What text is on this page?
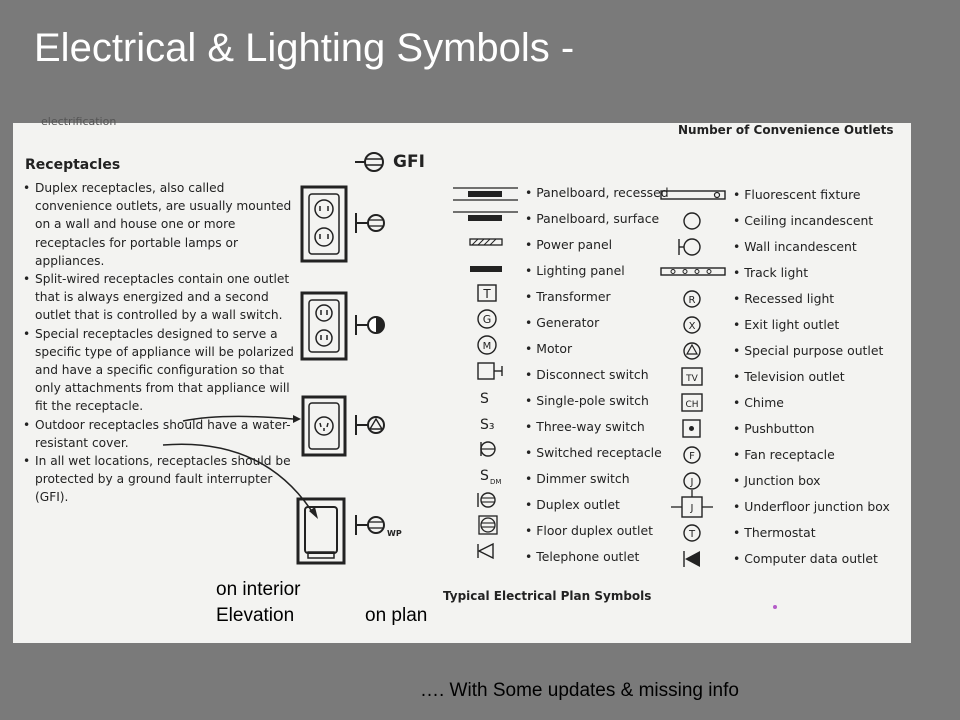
Electrical & Lighting Symbols -

electrification
Receptacles
• Duplex receptacles, also called convenience outlets, are usually mounted on a wall and house one or more receptacles for portable lamps or appliances.
• Split-wired receptacles contain one outlet that is always energized and a second outlet that is controlled by a wall switch.
• Special receptacles designed to serve a specific type of appliance will be polarized and have a specific configuration so that only attachments from that appliance will fit the receptacle.
• Outdoor receptacles should have a water-resistant cover.
• In all wet locations, receptacles should be protected by a ground fault interrupter (GFI).
GFI
WP
T
G
M
S
S₃
S DM
• Panelboard, recessed
• Panelboard, surface
• Power panel
• Lighting panel
• Transformer
• Generator
• Motor
• Disconnect switch
• Single-pole switch
• Three-way switch
• Switched receptacle
• Dimmer switch
• Duplex outlet
• Floor duplex outlet
• Telephone outlet
Number of Convenience Outlets
R
X
TV
CH
F
J
J
T
• Fluorescent fixture
• Ceiling incandescent
• Wall incandescent
• Track light
• Recessed light
• Exit light outlet
• Special purpose outlet
• Television outlet
• Chime
• Pushbutton
• Fan receptacle
• Junction box
• Underfloor junction box
• Thermostat
• Computer data outlet
Typical Electrical Plan Symbols
on interior
Elevation	on plan
…. With Some updates & missing info
